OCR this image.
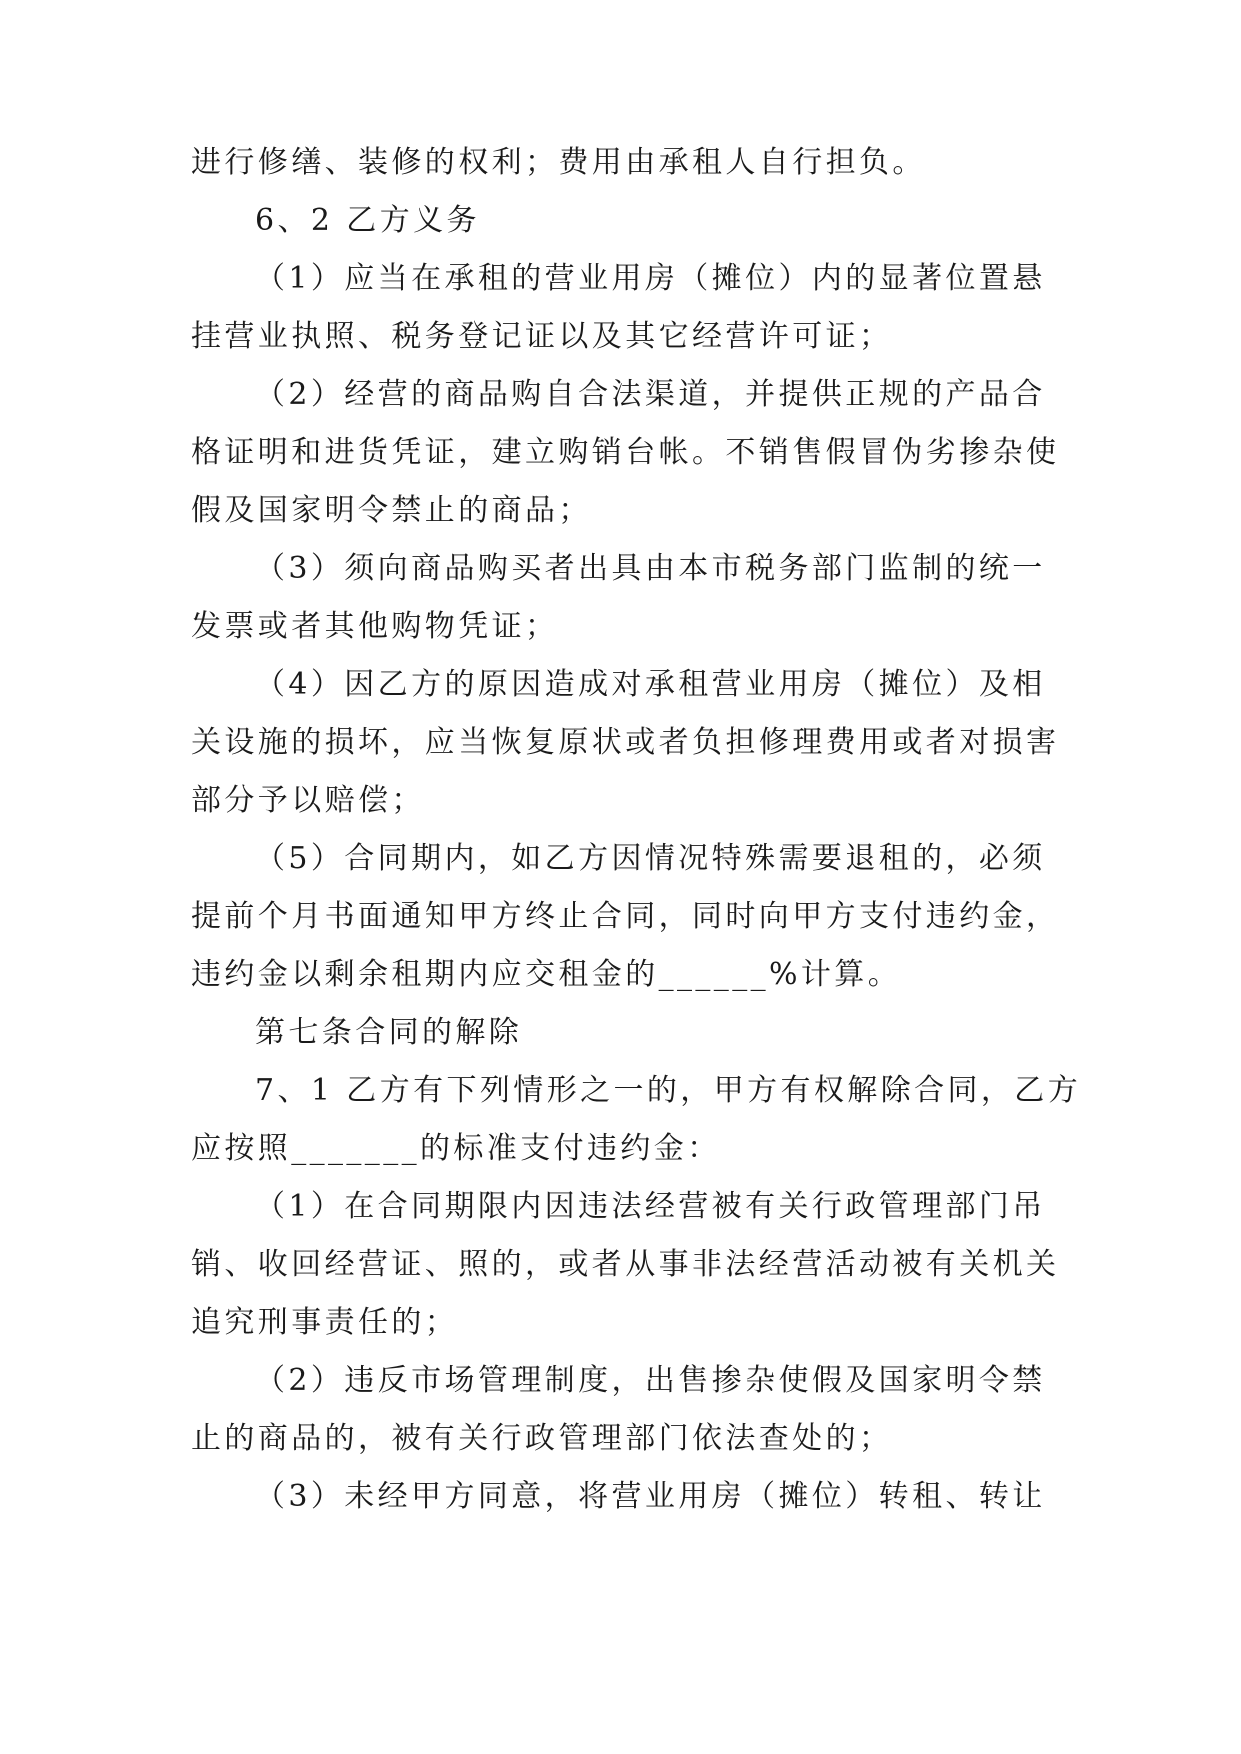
进行修缮、装修的权利；费用由承租人自行担负。
6、2 乙方义务
（1）应当在承租的营业用房（摊位）内的显著位置悬
挂营业执照、税务登记证以及其它经营许可证；
（2）经营的商品购自合法渠道，并提供正规的产品合
格证明和进货凭证，建立购销台帐。不销售假冒伪劣掺杂使
假及国家明令禁止的商品；
（3）须向商品购买者出具由本市税务部门监制的统一
发票或者其他购物凭证；
（4）因乙方的原因造成对承租营业用房（摊位）及相
关设施的损坏，应当恢复原状或者负担修理费用或者对损害
部分予以赔偿；
（5）合同期内，如乙方因情况特殊需要退租的，必须
提前个月书面通知甲方终止合同，同时向甲方支付违约金，
违约金以剩余租期内应交租金的______%计算。
第七条合同的解除
7、1 乙方有下列情形之一的，甲方有权解除合同，乙方
应按照_______的标准支付违约金：
（1）在合同期限内因违法经营被有关行政管理部门吊
销、收回经营证、照的，或者从事非法经营活动被有关机关
追究刑事责任的；
（2）违反市场管理制度，出售掺杂使假及国家明令禁
止的商品的，被有关行政管理部门依法查处的；
（3）未经甲方同意，将营业用房（摊位）转租、转让
